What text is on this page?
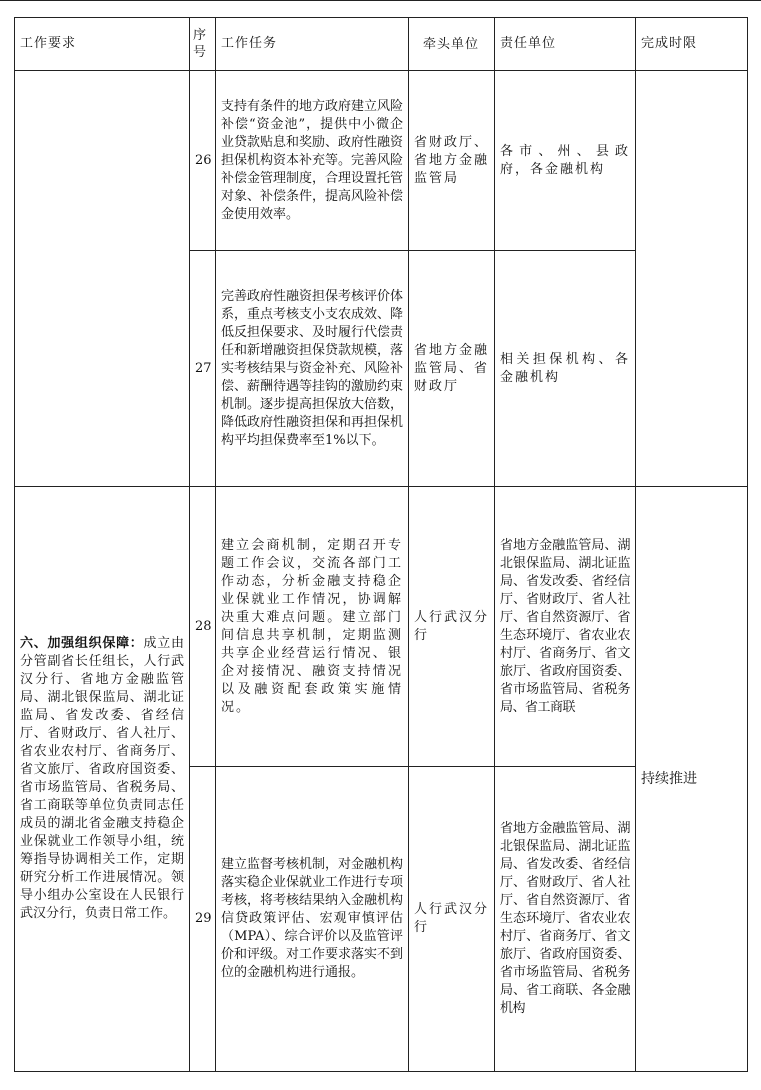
工作要求	序号	工作任务	牵头单位	责任单位	完成时限
	26	支持有条件的地方政府建立风险补偿“资金池”，提供中小微企业贷款贴息和奖励、政府性融资担保机构资本补充等。完善风险补偿金管理制度，合理设置托管对象、补偿条件，提高风险补偿金使用效率。	省财政厅、省地方金融监管局	各市、州、县政府，各金融机构	
	27	完善政府性融资担保考核评价体系，重点考核支小支农成效、降低反担保要求、及时履行代偿责任和新增融资担保贷款规模，落实考核结果与资金补充、风险补偿、薪酬待遇等挂钩的激励约束机制。逐步提高担保放大倍数，降低政府性融资担保和再担保机构平均担保费率至1%以下。	省地方金融监管局、省财政厅	相关担保机构、各金融机构	
六、加强组织保障：成立由分管副省长任组长，人行武汉分行、省地方金融监管局、湖北银保监局、湖北证监局、省发改委、省经信厅、省财政厅、省人社厅、省农业农村厅、省商务厅、省文旅厅、省政府国资委、省市场监管局、省税务局、省工商联等单位负责同志任成员的湖北省金融支持稳企业保就业工作领导小组，统筹指导协调相关工作，定期研究分析工作进展情况。领导小组办公室设在人民银行武汉分行，负责日常工作。	28	建立会商机制，定期召开专题工作会议，交流各部门工作动态，分析金融支持稳企业保就业工作情况，协调解决重大难点问题。建立部门间信息共享机制，定期监测共享企业经营运行情况、银企对接情况、融资支持情况以及融资配套政策实施情况。	人行武汉分行	省地方金融监管局、湖北银保监局、湖北证监局、省发改委、省经信厅、省财政厅、省人社厅、省自然资源厅、省生态环境厅、省农业农村厅、省商务厅、省文旅厅、省政府国资委、省市场监管局、省税务局、省工商联	持续推进
	29	建立监督考核机制，对金融机构落实稳企业保就业工作进行专项考核，将考核结果纳入金融机构信贷政策评估、宏观审慎评估（MPA）、综合评价以及监管评价和评级。对工作要求落实不到位的金融机构进行通报。	人行武汉分行	省地方金融监管局、湖北银保监局、湖北证监局、省发改委、省经信厅、省财政厅、省人社厅、省自然资源厅、省生态环境厅、省农业农村厅、省商务厅、省文旅厅、省政府国资委、省市场监管局、省税务局、省工商联、各金融机构	
